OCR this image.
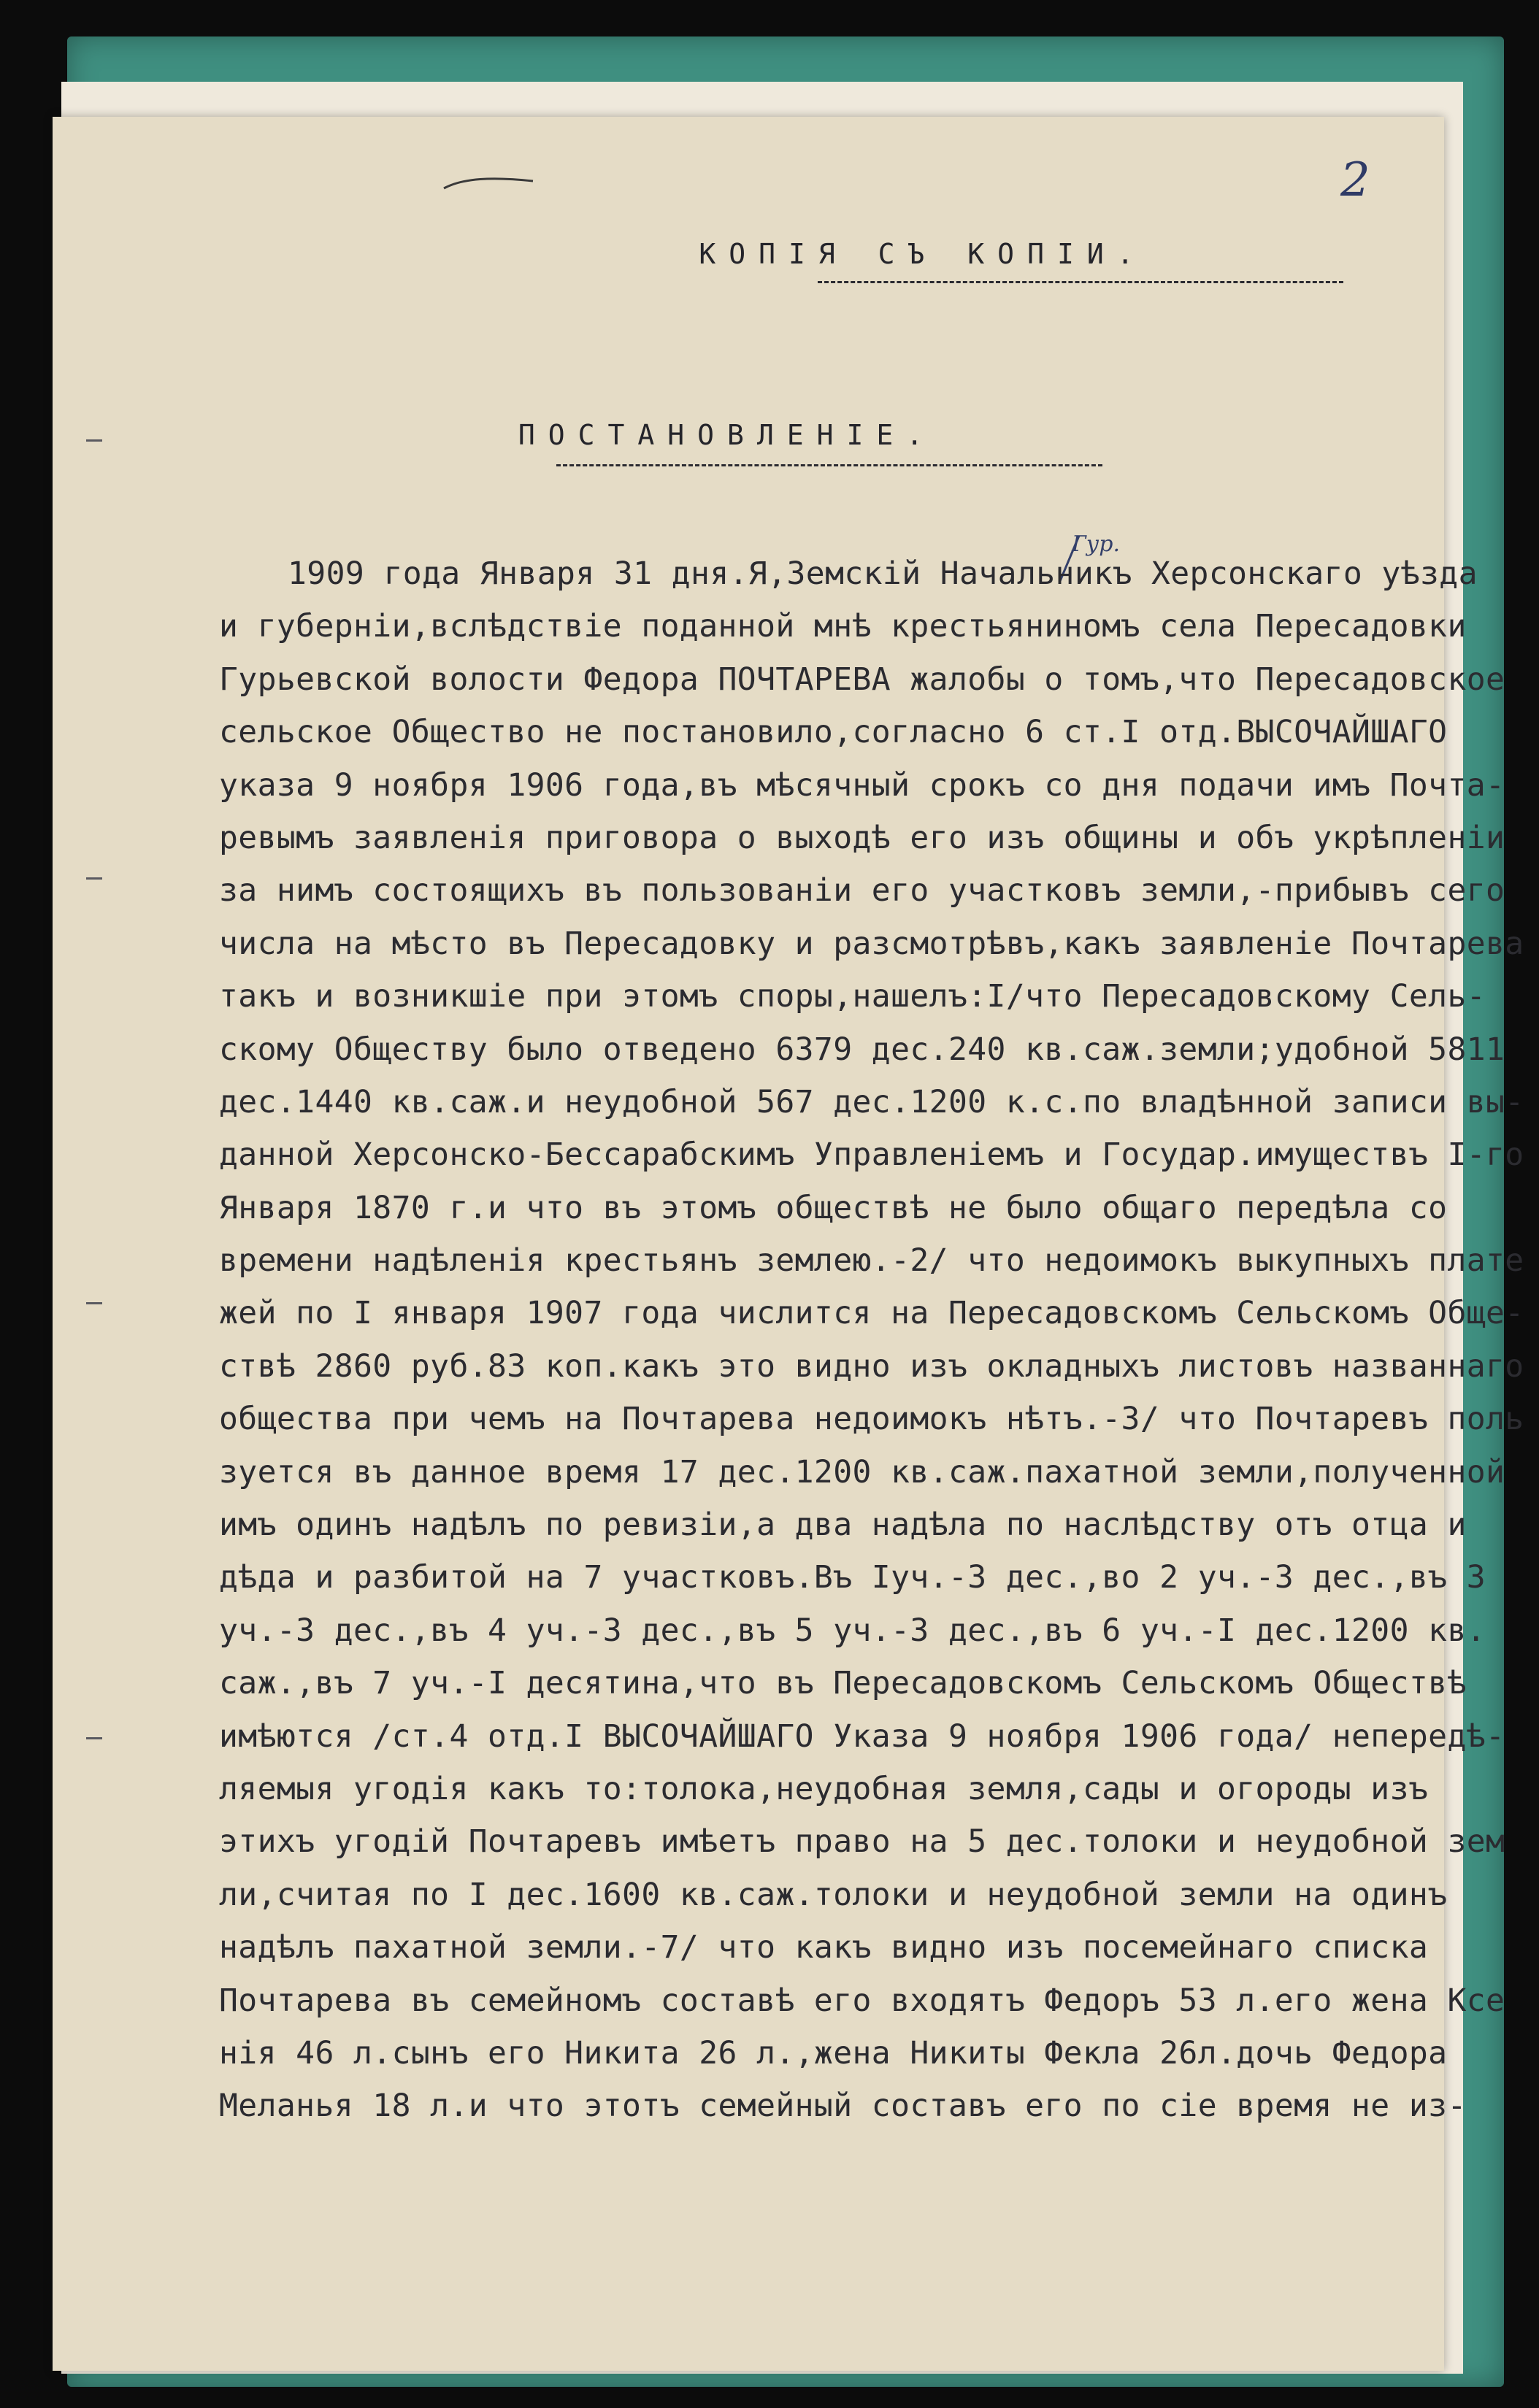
2
КОПІЯ СЪ КОПІИ.
ПОСТАНОВЛЕНІЕ.
Гур.
1909 года Января 31 дня.Я,Земскій Начальникъ Херсонскаго уѣзда
и губерніи,вслѣдствіе поданной мнѣ крестьяниномъ села Пересадовки
Гурьевской волости Федора ПОЧТАРЕВА жалобы о томъ,что Пересадовское
сельское Общество не постановило,согласно 6 ст.I отд.ВЫСОЧАЙШАГО
указа 9 ноября 1906 года,въ мѣсячный срокъ со дня подачи имъ Почта-
ревымъ заявленія приговора о выходѣ его изъ общины и объ укрѣпленіи
за нимъ состоящихъ въ пользованіи его участковъ земли,-прибывъ сего
числа на мѣсто въ Пересадовку и разсмотрѣвъ,какъ заявленіе Почтарева
такъ и возникшіе при этомъ споры,нашелъ:I/что Пересадовскому Сель-
скому Обществу было отведено 6379 дес.240 кв.саж.земли;удобной 5811
дес.1440 кв.саж.и неудобной 567 дес.1200 к.с.по владѣнной записи вы-
данной Херсонско-Бессарабскимъ Управленіемъ и Государ.имуществъ I-го
Января 1870 г.и что въ этомъ обществѣ не было общаго передѣла со
времени надѣленія крестьянъ землею.-2/ что недоимокъ выкупныхъ плате
жей по I января 1907 года числится на Пересадовскомъ Сельскомъ Обще-
ствѣ 2860 руб.83 коп.какъ это видно изъ окладныхъ листовъ названнаго
общества при чемъ на Почтарева недоимокъ нѣтъ.-3/ что Почтаревъ поль
зуется въ данное время 17 дес.1200 кв.саж.пахатной земли,полученной
имъ одинъ надѣлъ по ревизіи,а два надѣла по наслѣдству отъ отца и
дѣда и разбитой на 7 участковъ.Въ Iуч.-3 дес.,во 2 уч.-3 дес.,въ 3
уч.-3 дес.,въ 4 уч.-3 дес.,въ 5 уч.-3 дес.,въ 6 уч.-I дес.1200 кв.
саж.,въ 7 уч.-I десятина,что въ Пересадовскомъ Сельскомъ Обществѣ
имѣются /ст.4 отд.I ВЫСОЧАЙШАГО Указа 9 ноября 1906 года/ непередѣ-
ляемыя угодія какъ то:толока,неудобная земля,сады и огороды изъ
этихъ угодій Почтаревъ имѣетъ право на 5 дес.толоки и неудобной зем
ли,считая по I дес.1600 кв.саж.толоки и неудобной земли на одинъ
надѣлъ пахатной земли.-7/ что какъ видно изъ посемейнаго списка
Почтарева въ семейномъ составѣ его входятъ Федоръ 53 л.его жена Ксе
нія 46 л.сынъ его Никита 26 л.,жена Никиты Фекла 26л.дочь Федора
Меланья 18 л.и что этотъ семейный составъ его по сіе время не из-
